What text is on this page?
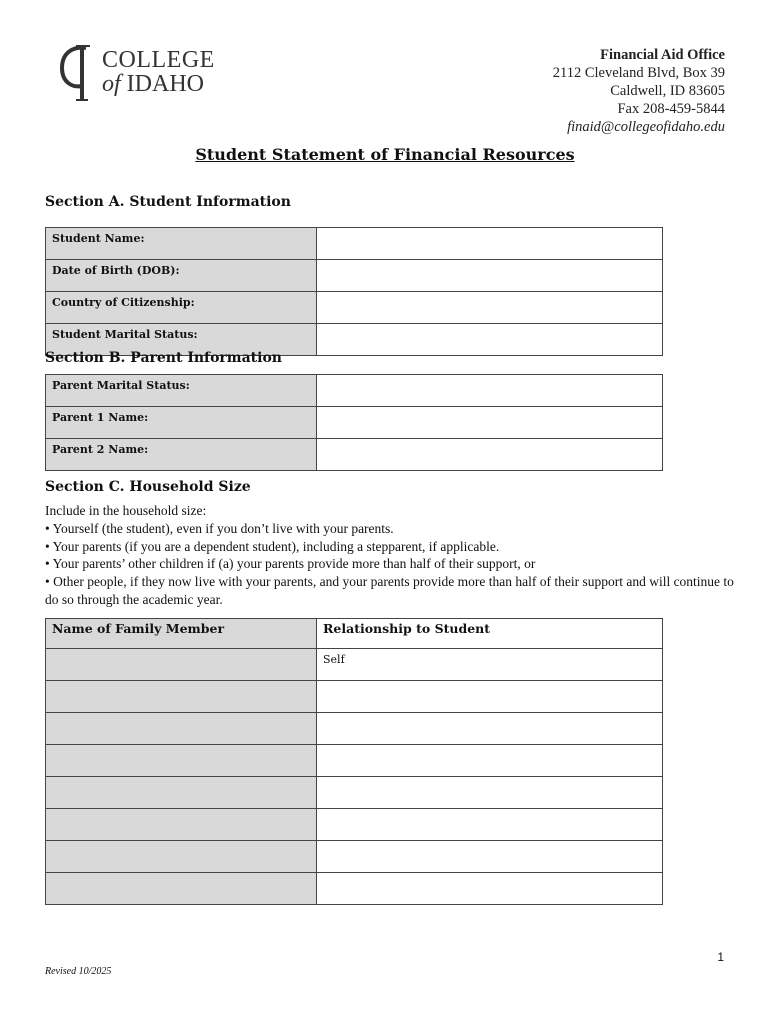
COLLEGE
of IDAHO
Financial Aid Office
2112 Cleveland Blvd, Box 39
Caldwell, ID 83605
Fax 208-459-5844
finaid@collegeofidaho.edu
Student Statement of Financial Resources
Section A. Student Information
Student Name:	
Date of Birth (DOB):	
Country of Citizenship:	
Student Marital Status:	
Section B. Parent Information
Parent Marital Status:	
Parent 1 Name:	
Parent 2 Name:	
Section C. Household Size
Include in the household size:
• Yourself (the student), even if you don’t live with your parents.
• Your parents (if you are a dependent student), including a stepparent, if applicable.
• Your parents’ other children if (a) your parents provide more than half of their support, or
• Other people, if they now live with your parents, and your parents provide more than half of their support and will continue to do so through the academic year.
Name of Family Member	Relationship to Student
	Self

1
Revised 10/2025
